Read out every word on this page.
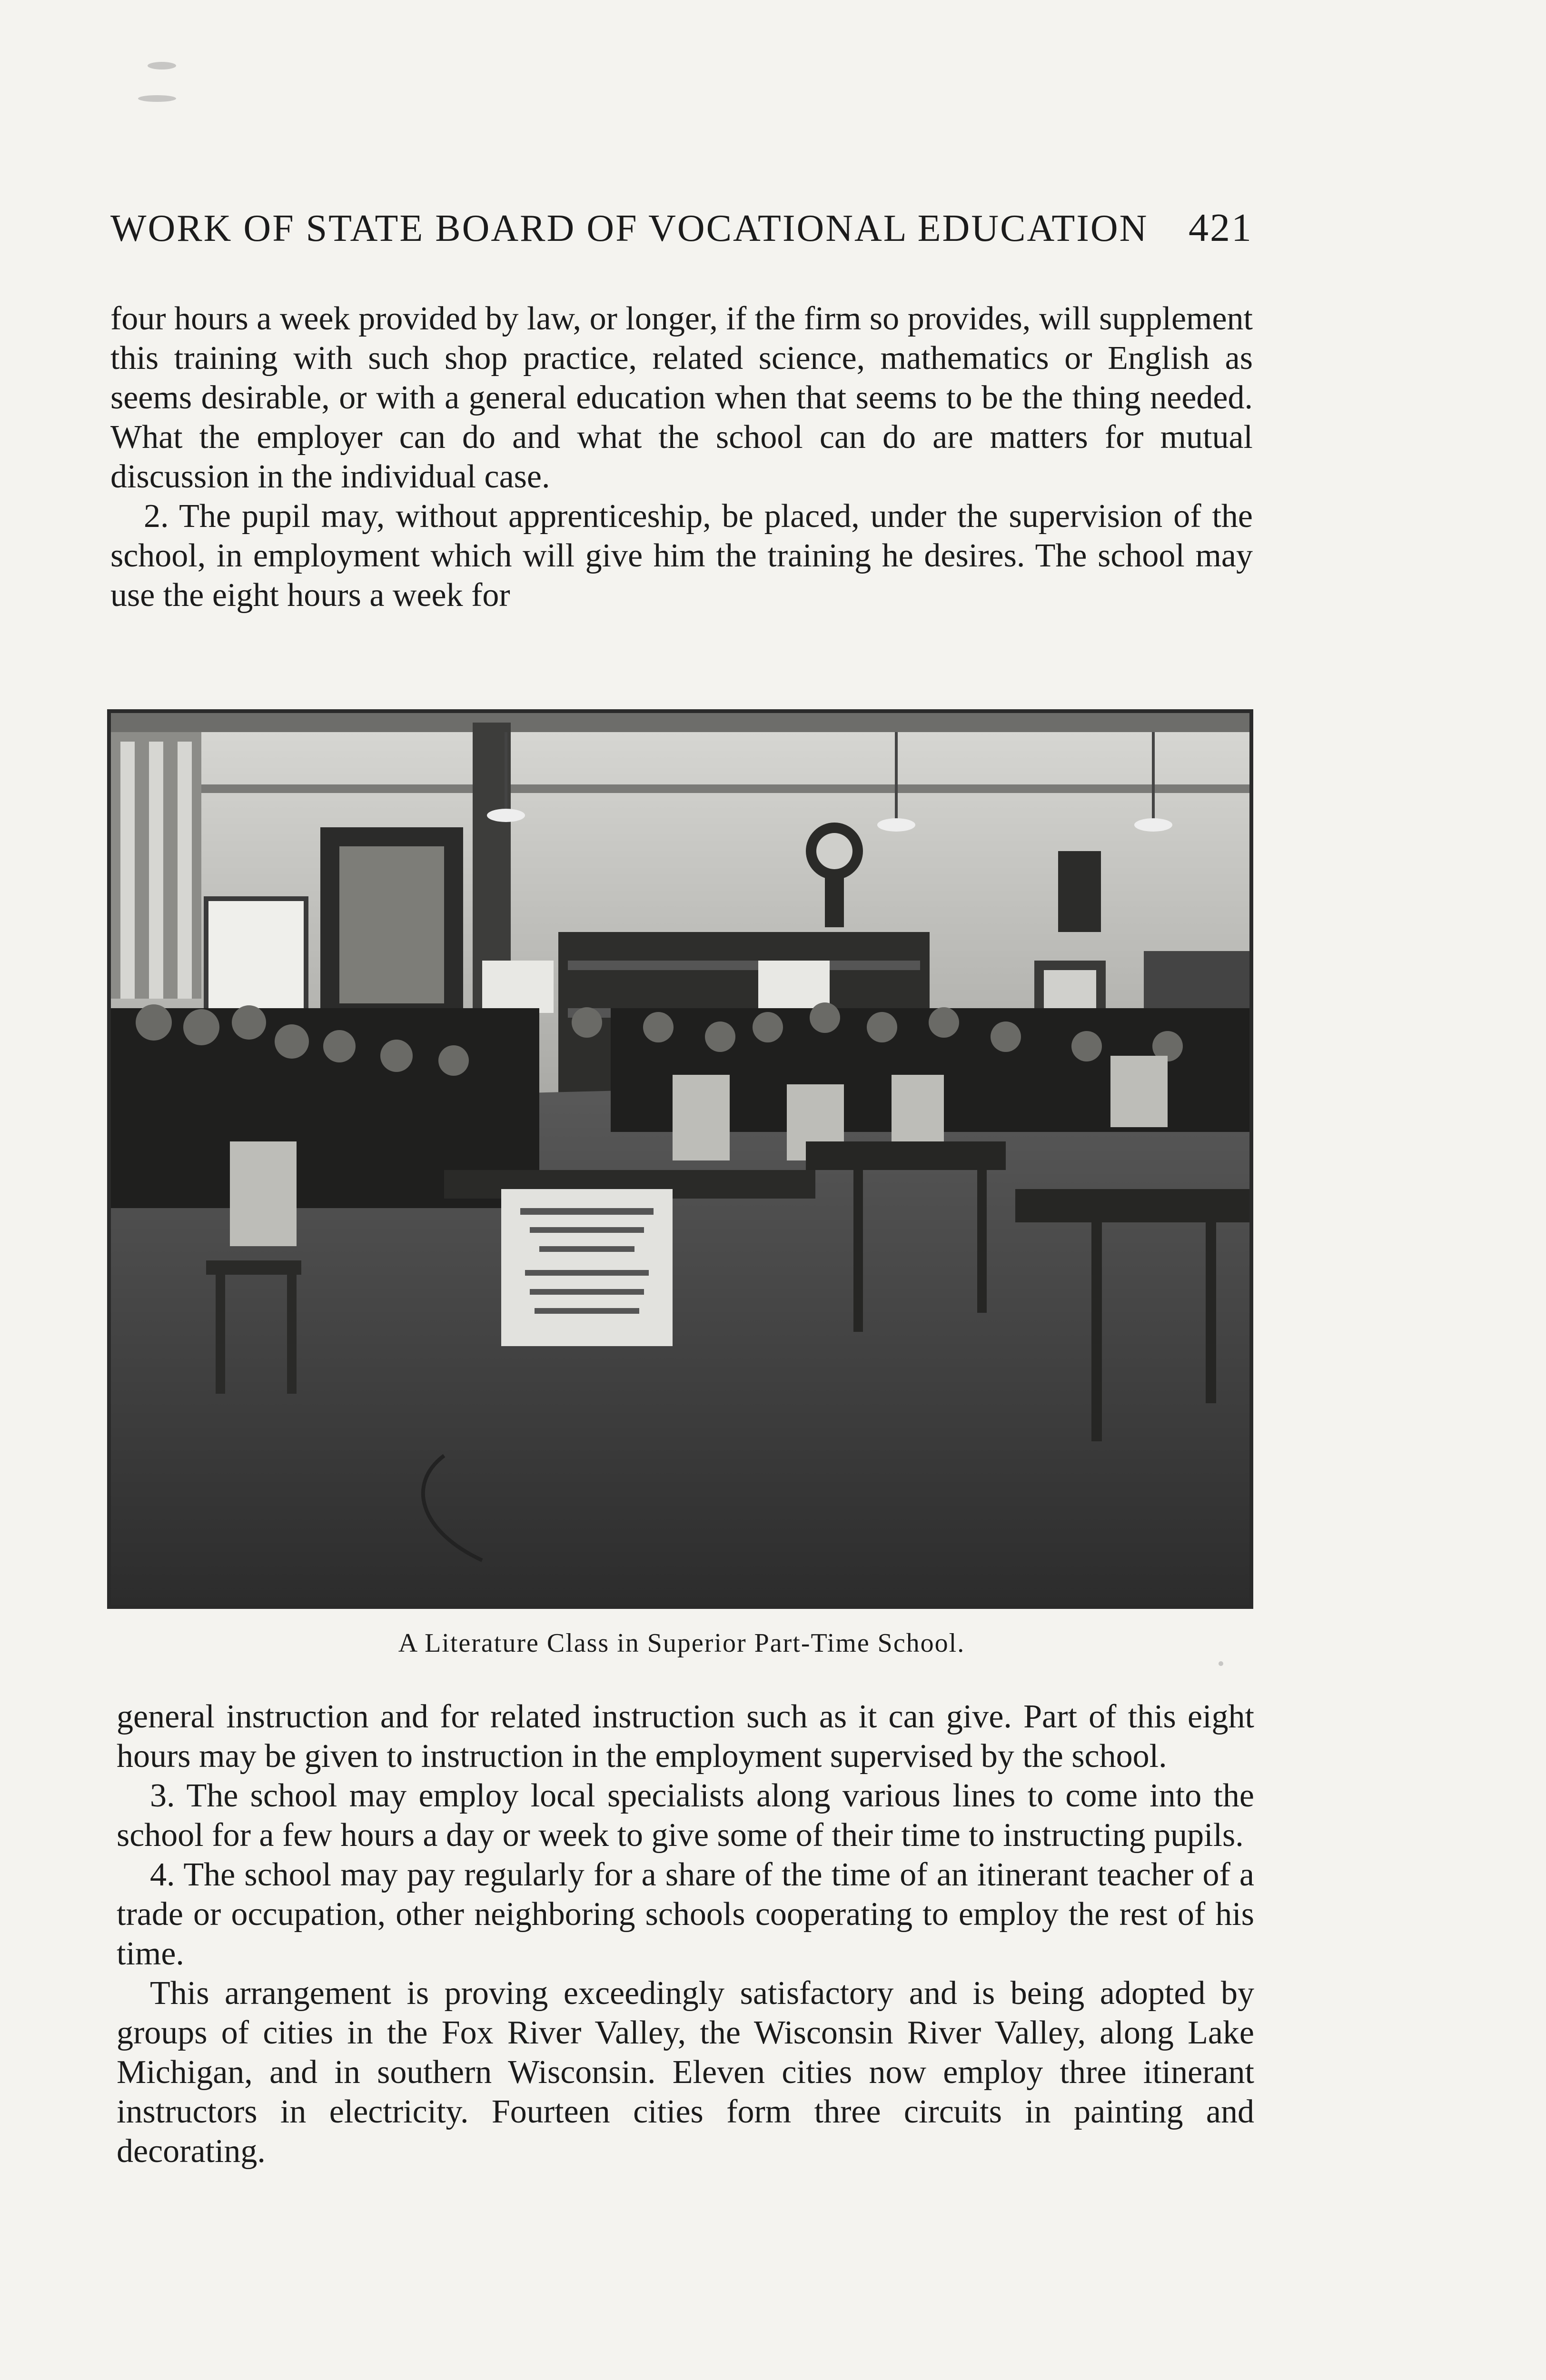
WORK OF STATE BOARD OF VOCATIONAL EDUCATION 421

four hours a week provided by law, or longer, if the firm so provides, will supplement this training with such shop practice, related science, mathematics or English as seems desirable, or with a general education when that seems to be the thing needed. What the employer can do and what the school can do are matters for mutual discussion in the individual case.

2. The pupil may, without apprenticeship, be placed, under the supervision of the school, in employment which will give him the training he desires. The school may use the eight hours a week for

A Literature Class in Superior Part-Time School.

general instruction and for related instruction such as it can give. Part of this eight hours may be given to instruction in the employment supervised by the school.

3. The school may employ local specialists along various lines to come into the school for a few hours a day or week to give some of their time to instructing pupils.

4. The school may pay regularly for a share of the time of an itinerant teacher of a trade or occupation, other neighboring schools cooperating to employ the rest of his time.

This arrangement is proving exceedingly satisfactory and is being adopted by groups of cities in the Fox River Valley, the Wisconsin River Valley, along Lake Michigan, and in southern Wisconsin. Eleven cities now employ three itinerant instructors in electricity. Fourteen cities form three circuits in painting and decorating.
